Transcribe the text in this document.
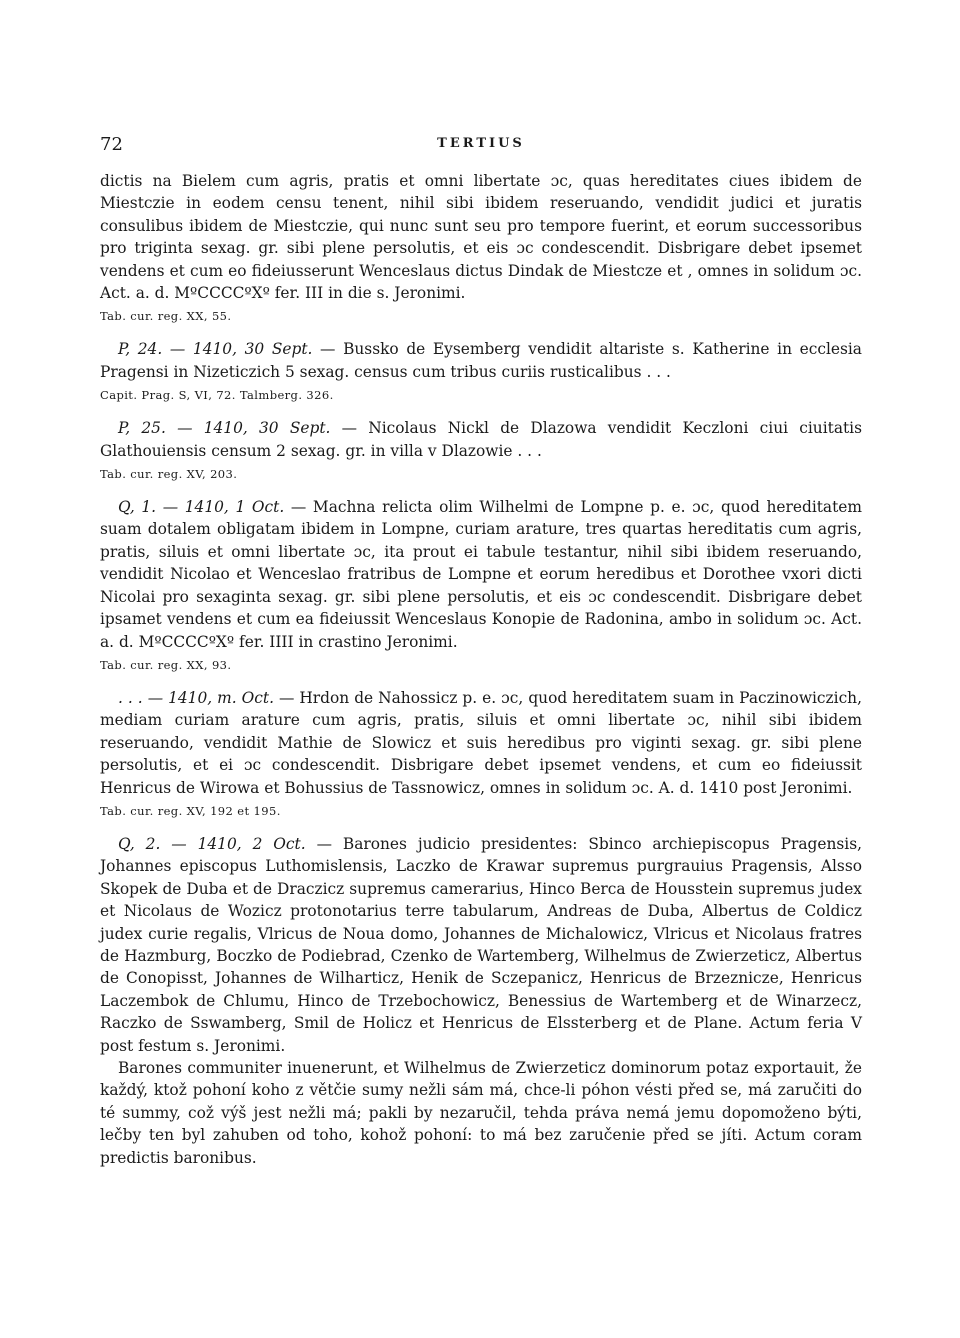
72	TERTIUS

dictis na Bielem cum agris, pratis et omni libertate ɔc, quas hereditates ciues ibidem de Miestczie in eodem censu tenent, nihil sibi ibidem reseruando, vendidit judici et juratis consulibus ibidem de Miestczie, qui nunc sunt seu pro tempore fuerint, et eorum successoribus pro triginta sexag. gr. sibi plene persolutis, et eis ɔc condescendit. Disbrigare debet ipsemet vendens et cum eo fideiusserunt Wenceslaus dictus Dindak de Miestcze et , omnes in solidum ɔc. Act. a. d. MºCCCCºXº fer. III in die s. Jeronimi.

Tab. cur. reg. XX, 55.

P, 24. — 1410, 30 Sept. — Bussko de Eysemberg vendidit altariste s. Katherine in ecclesia Pragensi in Nizeticzich 5 sexag. census cum tribus curiis rusticalibus . . .

Capit. Prag. S, VI, 72. Talmberg. 326.

P, 25. — 1410, 30 Sept. — Nicolaus Nickl de Dlazowa vendidit Keczloni ciui ciuitatis Glathouiensis censum 2 sexag. gr. in villa v Dlazowie . . .

Tab. cur. reg. XV, 203.

Q, 1. — 1410, 1 Oct. — Machna relicta olim Wilhelmi de Lompne p. e. ɔc, quod hereditatem suam dotalem obligatam ibidem in Lompne, curiam arature, tres quartas hereditatis cum agris, pratis, siluis et omni libertate ɔc, ita prout ei tabule testantur, nihil sibi ibidem reseruando, vendidit Nicolao et Wenceslao fratribus de Lompne et eorum heredibus et Dorothee vxori dicti Nicolai pro sexaginta sexag. gr. sibi plene persolutis, et eis ɔc condescendit. Disbrigare debet ipsamet vendens et cum ea fideiussit Wenceslaus Konopie de Radonina, ambo in solidum ɔc. Act. a. d. MºCCCCºXº fer. IIII in crastino Jeronimi.

Tab. cur. reg. XX, 93.

. . . — 1410, m. Oct. — Hrdon de Nahossicz p. e. ɔc, quod hereditatem suam in Paczinowiczich, mediam curiam arature cum agris, pratis, siluis et omni libertate ɔc, nihil sibi ibidem reseruando, vendidit Mathie de Slowicz et suis heredibus pro viginti sexag. gr. sibi plene persolutis, et ei ɔc condescendit. Disbrigare debet ipsemet vendens, et cum eo fideiussit Henricus de Wirowa et Bohussius de Tassnowicz, omnes in solidum ɔc. A. d. 1410 post Jeronimi.

Tab. cur. reg. XV, 192 et 195.

Q, 2. — 1410, 2 Oct. — Barones judicio presidentes: Sbinco archiepiscopus Pragensis, Johannes episcopus Luthomislensis, Laczko de Krawar supremus purgrauius Pragensis, Alsso Skopek de Duba et de Draczicz supremus camerarius, Hinco Berca de Housstein supremus judex et Nicolaus de Wozicz protonotarius terre tabularum, Andreas de Duba, Albertus de Coldicz judex curie regalis, Vlricus de Noua domo, Johannes de Michalowicz, Vlricus et Nicolaus fratres de Hazmburg, Boczko de Podiebrad, Czenko de Wartemberg, Wilhelmus de Zwierzeticz, Albertus de Conopisst, Johannes de Wilharticz, Henik de Sczepanicz, Henricus de Brzeznicze, Henricus Laczembok de Chlumu, Hinco de Trzebochowicz, Benessius de Wartemberg et de Winarzecz, Raczko de Sswamberg, Smil de Holicz et Henricus de Elssterberg et de Plane. Actum feria V post festum s. Jeronimi.

Barones communiter inuenerunt, et Wilhelmus de Zwierzeticz dominorum potaz exportauit, že každý, ktož pohoní koho z větčie sumy nežli sám má, chce-li póhon vésti před se, má zaručiti do té summy, což výš jest nežli má; pakli by nezaručil, tehda práva nemá jemu dopomoženo býti, lečby ten byl zahuben od toho, kohož pohoní: to má bez zaručenie před se jíti. Actum coram predictis baronibus.
